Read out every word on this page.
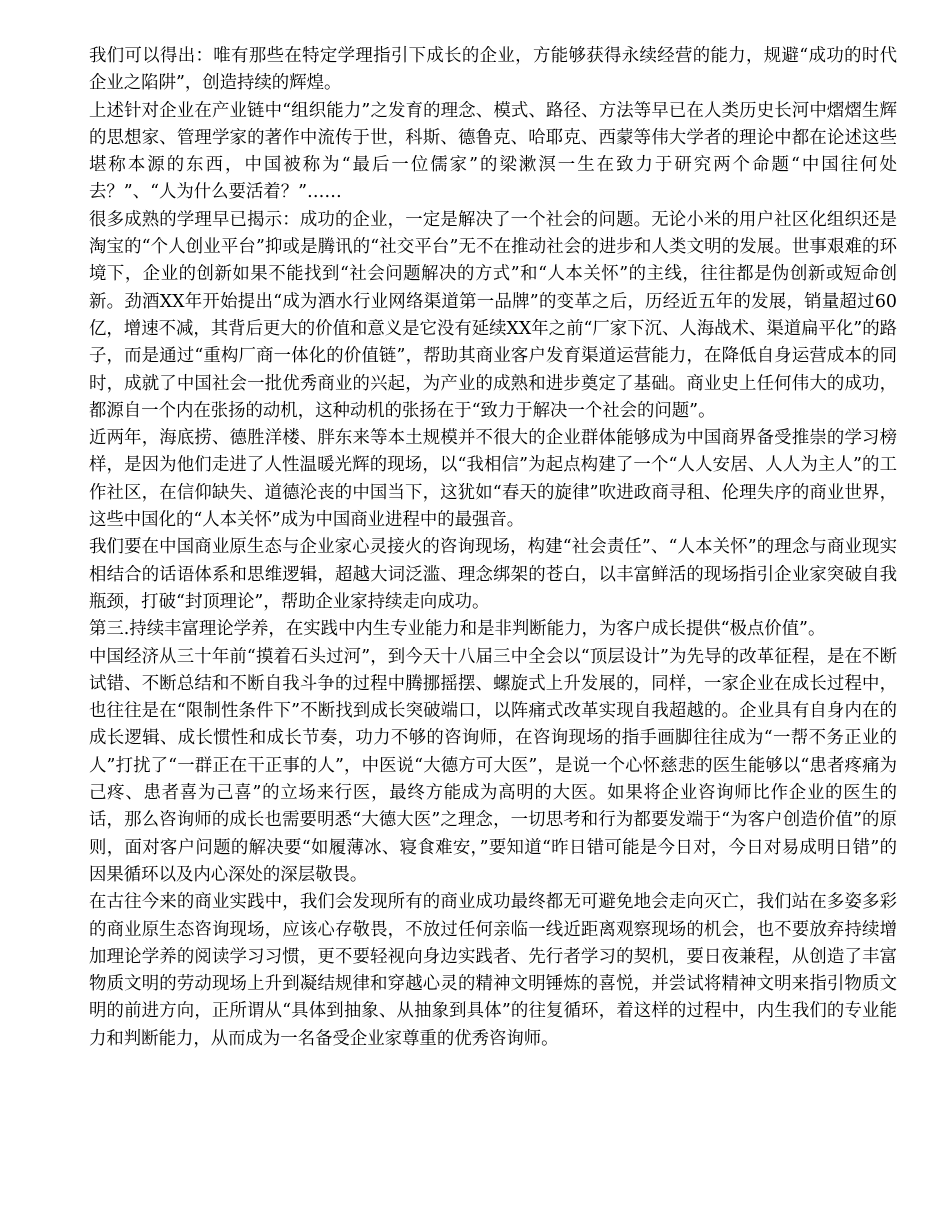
我们可以得出：唯有那些在特定学理指引下成长的企业，方能够获得永续经营的能力，规避“成功的时代企业之陷阱”，创造持续的辉煌。

上述针对企业在产业链中“组织能力”之发育的理念、模式、路径、方法等早已在人类历史长河中熠熠生辉的思想家、管理学家的著作中流传于世，科斯、德鲁克、哈耶克、西蒙等伟大学者的理论中都在论述这些堪称本源的东西，中国被称为“最后一位儒家”的梁漱溟一生在致力于研究两个命题“中国往何处去？”、“人为什么要活着？”……

很多成熟的学理早已揭示：成功的企业，一定是解决了一个社会的问题。无论小米的用户社区化组织还是淘宝的“个人创业平台”抑或是腾讯的“社交平台”无不在推动社会的进步和人类文明的发展。世事艰难的环境下，企业的创新如果不能找到“社会问题解决的方式”和“人本关怀”的主线，往往都是伪创新或短命创新。劲酒XX年开始提出“成为酒水行业网络渠道第一品牌”的变革之后，历经近五年的发展，销量超过60亿，增速不减，其背后更大的价值和意义是它没有延续XX年之前“厂家下沉、人海战术、渠道扁平化”的路子，而是通过“重构厂商一体化的价值链”，帮助其商业客户发育渠道运营能力，在降低自身运营成本的同时，成就了中国社会一批优秀商业的兴起，为产业的成熟和进步奠定了基础。商业史上任何伟大的成功，都源自一个内在张扬的动机，这种动机的张扬在于“致力于解决一个社会的问题”。

近两年，海底捞、德胜洋楼、胖东来等本土规模并不很大的企业群体能够成为中国商界备受推崇的学习榜样，是因为他们走进了人性温暖光辉的现场，以“我相信”为起点构建了一个“人人安居、人人为主人”的工作社区，在信仰缺失、道德沦丧的中国当下，这犹如“春天的旋律”吹进政商寻租、伦理失序的商业世界，这些中国化的“人本关怀”成为中国商业进程中的最强音。

我们要在中国商业原生态与企业家心灵接火的咨询现场，构建“社会责任”、“人本关怀”的理念与商业现实相结合的话语体系和思维逻辑，超越大词泛滥、理念绑架的苍白，以丰富鲜活的现场指引企业家突破自我瓶颈，打破“封顶理论”，帮助企业家持续走向成功。

第三.持续丰富理论学养，在实践中内生专业能力和是非判断能力，为客户成长提供“极点价值”。

中国经济从三十年前“摸着石头过河”，到今天十八届三中全会以“顶层设计”为先导的改革征程，是在不断试错、不断总结和不断自我斗争的过程中腾挪摇摆、螺旋式上升发展的，同样，一家企业在成长过程中，也往往是在“限制性条件下”不断找到成长突破端口，以阵痛式改革实现自我超越的。企业具有自身内在的成长逻辑、成长惯性和成长节奏，功力不够的咨询师，在咨询现场的指手画脚往往成为“一帮不务正业的人”打扰了“一群正在干正事的人”，中医说“大德方可大医”，是说一个心怀慈悲的医生能够以“患者疼痛为己疼、患者喜为己喜”的立场来行医，最终方能成为高明的大医。如果将企业咨询师比作企业的医生的话，那么咨询师的成长也需要明悉“大德大医”之理念，一切思考和行为都要发端于“为客户创造价值”的原则，面对客户问题的解决要“如履薄冰、寝食难安，”要知道“昨日错可能是今日对，今日对易成明日错”的因果循环以及内心深处的深层敬畏。

在古往今来的商业实践中，我们会发现所有的商业成功最终都无可避免地会走向灭亡，我们站在多姿多彩的商业原生态咨询现场，应该心存敬畏，不放过任何亲临一线近距离观察现场的机会，也不要放弃持续增加理论学养的阅读学习习惯，更不要轻视向身边实践者、先行者学习的契机，要日夜兼程，从创造了丰富物质文明的劳动现场上升到凝结规律和穿越心灵的精神文明锤炼的喜悦，并尝试将精神文明来指引物质文明的前进方向，正所谓从“具体到抽象、从抽象到具体”的往复循环，着这样的过程中，内生我们的专业能力和判断能力，从而成为一名备受企业家尊重的优秀咨询师。
